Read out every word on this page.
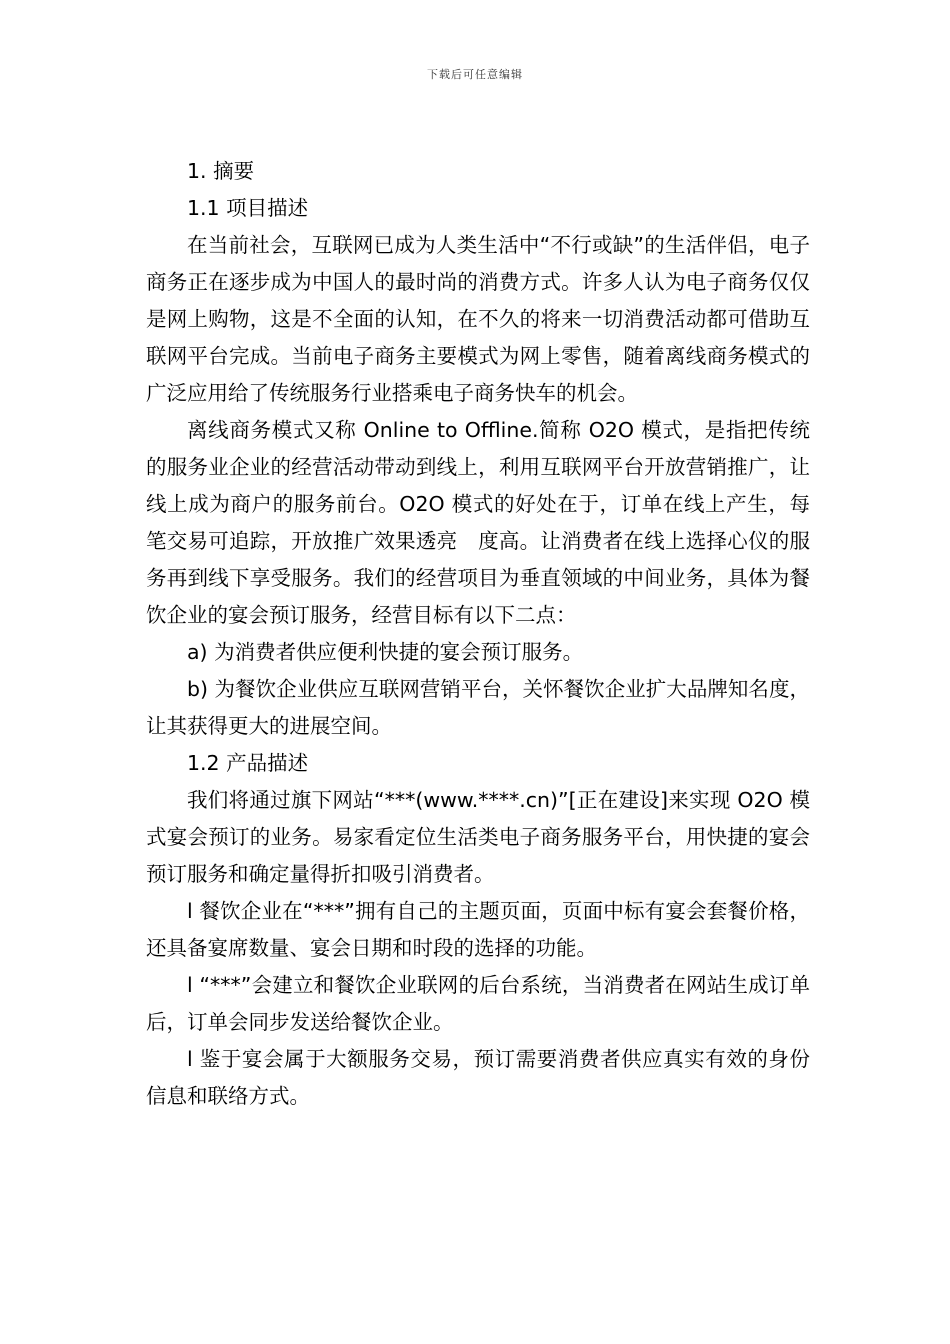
下载后可任意编辑

1. 摘要

1.1 项目描述

在当前社会，互联网已成为人类生活中“不行或缺”的生活伴侣，电子商务正在逐步成为中国人的最时尚的消费方式。许多人认为电子商务仅仅是网上购物，这是不全面的认知，在不久的将来一切消费活动都可借助互联网平台完成。当前电子商务主要模式为网上零售，随着离线商务模式的广泛应用给了传统服务行业搭乘电子商务快车的机会。

离线商务模式又称 Online to Offline.简称 O2O 模式，是指把传统的服务业企业的经营活动带动到线上，利用互联网平台开放营销推广，让线上成为商户的服务前台。O2O 模式的好处在于，订单在线上产生，每笔交易可追踪，开放推广效果透亮　度高。让消费者在线上选择心仪的服务再到线下享受服务。我们的经营项目为垂直领域的中间业务，具体为餐饮企业的宴会预订服务，经营目标有以下二点：

a) 为消费者供应便利快捷的宴会预订服务。

b) 为餐饮企业供应互联网营销平台，关怀餐饮企业扩大品牌知名度，让其获得更大的进展空间。

1.2 产品描述

我们将通过旗下网站“***(www.****.cn)”[正在建设]来实现 O2O 模式宴会预订的业务。易家看定位生活类电子商务服务平台，用快捷的宴会预订服务和确定量得折扣吸引消费者。

l 餐饮企业在“***”拥有自己的主题页面，页面中标有宴会套餐价格，还具备宴席数量、宴会日期和时段的选择的功能。

l “***”会建立和餐饮企业联网的后台系统，当消费者在网站生成订单后，订单会同步发送给餐饮企业。

l 鉴于宴会属于大额服务交易，预订需要消费者供应真实有效的身份信息和联络方式。
